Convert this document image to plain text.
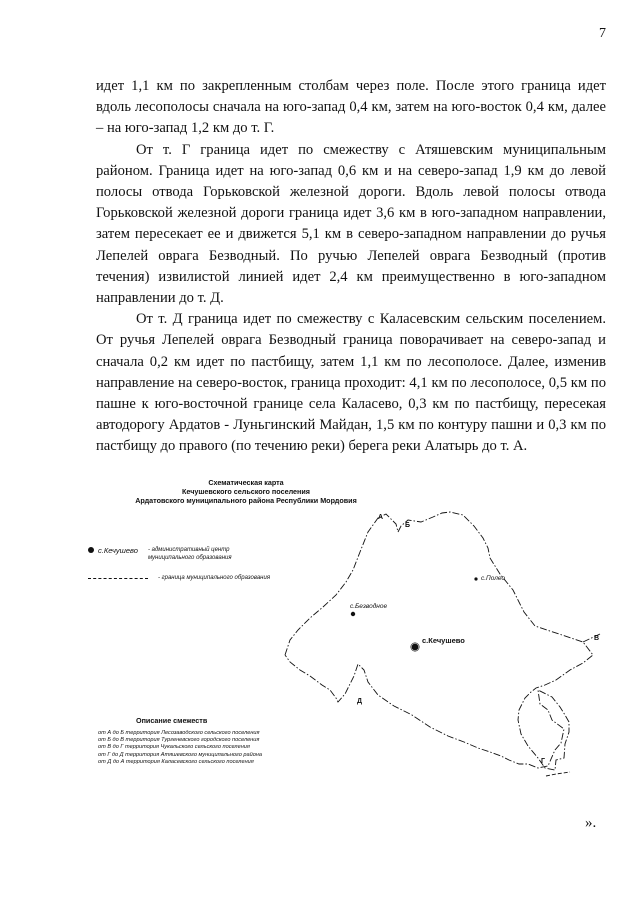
7

идет 1,1 км по закрепленным столбам через поле. После этого граница идет вдоль лесополосы сначала на юго-запад 0,4 км, затем на юго-восток 0,4 км, далее – на юго-запад 1,2 км до т. Г.

От т. Г граница идет по смежеству с Атяшевским муниципальным районом. Граница идет на юго-запад 0,6 км и на северо-запад 1,9 км до левой полосы отвода Горьковской железной дороги. Вдоль левой полосы отвода Горьковской железной дороги граница идет 3,6 км в юго-западном направлении, затем пересекает ее и движется 5,1 км в северо-западном направлении до ручья Лепелей оврага Безводный. По ручью Лепелей оврага Безводный (против течения) извилистой линией идет 2,4 км преимущественно в юго-западном направлении до т. Д.

От т. Д граница идет по смежеству с Каласевским сельским поселением. От ручья Лепелей оврага Безводный граница поворачивает на северо-запад и сначала 0,2 км идет по пастбищу, затем 1,1 км по лесополосе. Далее, изменив направление на северо-восток, граница проходит: 4,1 км по лесополосе, 0,5 км по пашне к юго-восточной границе села Каласево, 0,3 км по пастбищу, пересекая автодорогу Ардатов - Луньгинский Майдан, 1,5 км по контуру пашни и 0,3 км по пастбищу до правого (по течению реки) берега реки Алатырь до т. А.

Схематическая карта
Кечушевского сельского поселения
Ардатовского муниципального района Республики Мордовия
с.Кечушево - административный центр
муниципального образования
- граница муниципального образования
Описание смежеств
от А до Б территория Лесозаводского сельского поселения
от Б до В территория Тургеневского городского поселения
от В до Г территория Чукальского сельского поселения
от Г до Д территория Атяшевского муниципального района
от Д до А территория Каласевского сельского поселения
А
Б
В
Г
Д
с.Полео
с.Безводное
с.Кечушево
».
